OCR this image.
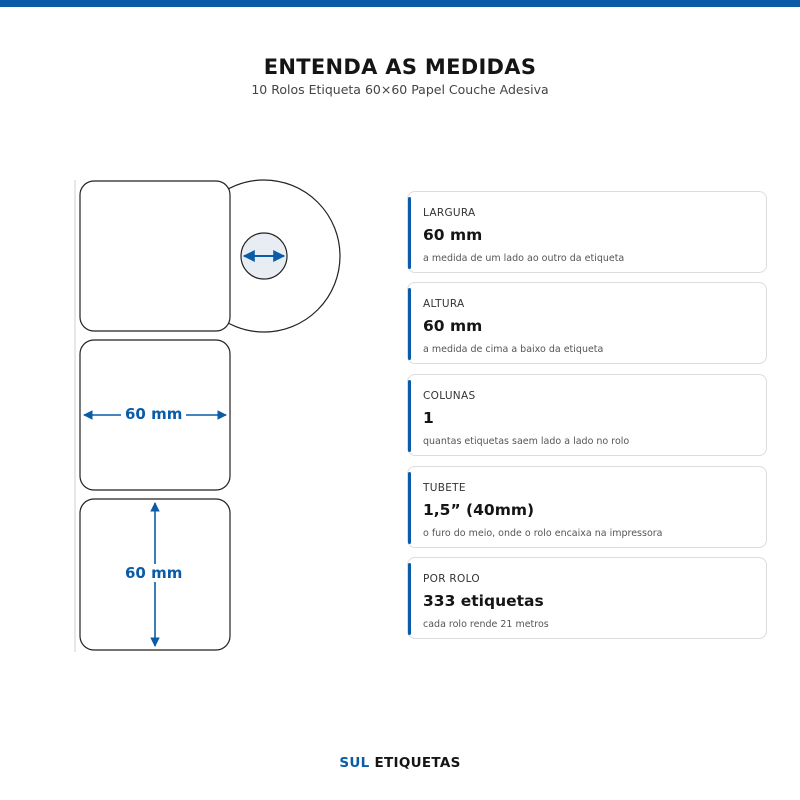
ENTENDA AS MEDIDAS
10 Rolos Etiqueta 60×60 Papel Couche Adesiva
60 mm
60 mm
LARGURA
60 mm
a medida de um lado ao outro da etiqueta
ALTURA
60 mm
a medida de cima a baixo da etiqueta
COLUNAS
1
quantas etiquetas saem lado a lado no rolo
TUBETE
1,5” (40mm)
o furo do meio, onde o rolo encaixa na impressora
POR ROLO
333 etiquetas
cada rolo rende 21 metros
SUL ETIQUETAS
